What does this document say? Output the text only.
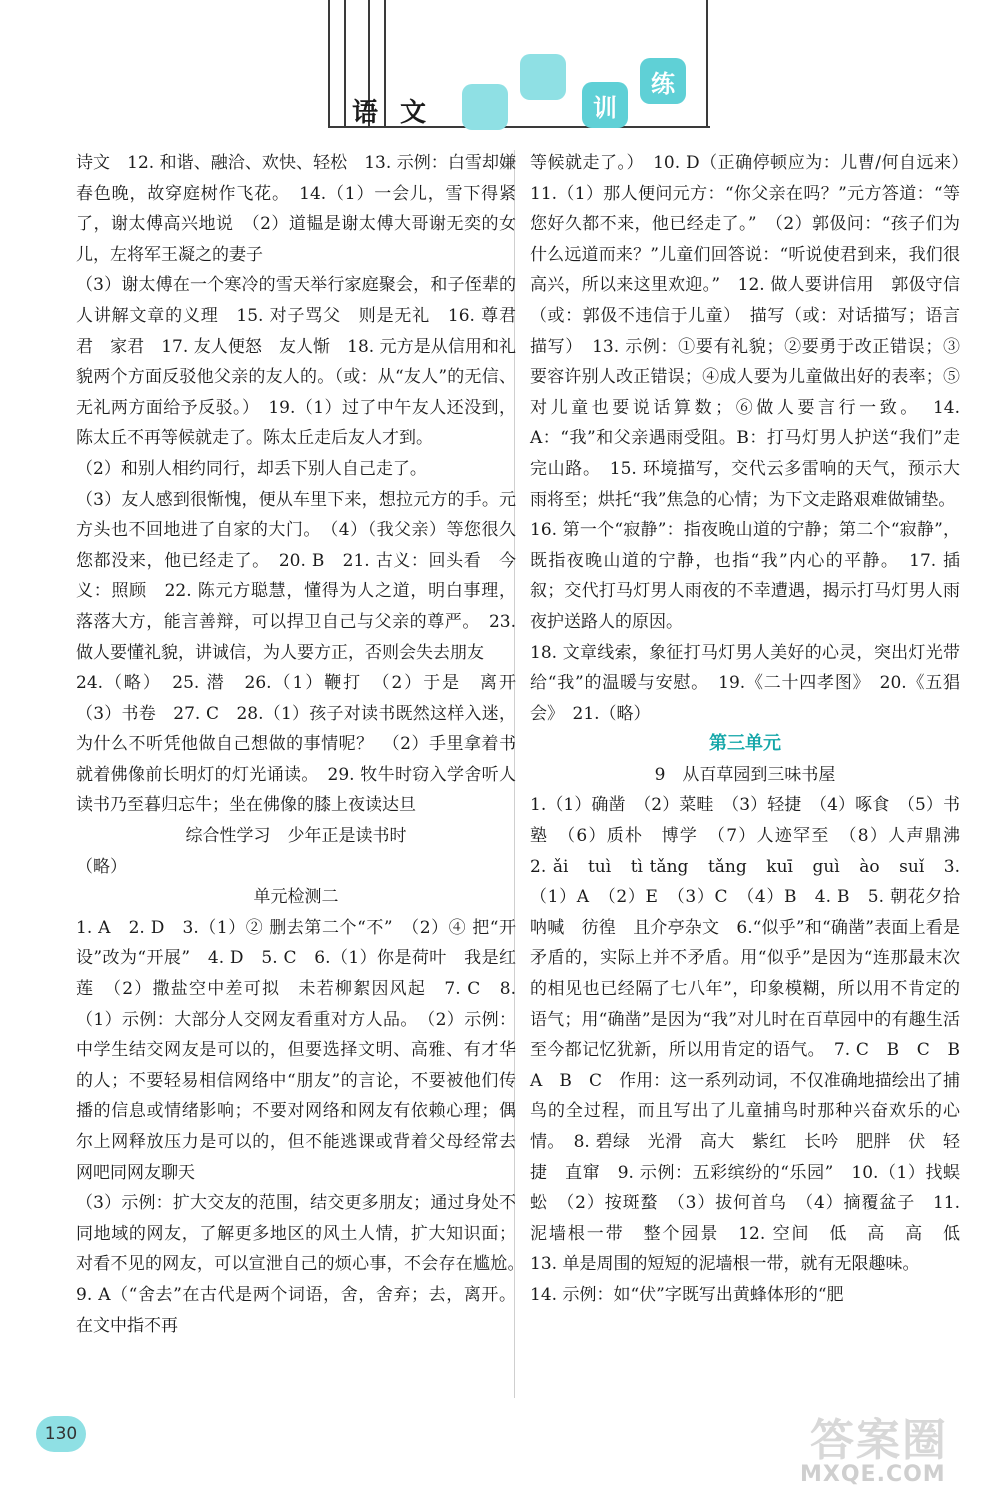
语 文	训
练

诗文　12. 和谐、融洽、欢快、轻松　13. 示例：白雪却嫌春色晚，故穿庭树作飞花。　14.（1）一会儿，雪下得紧了，谢太傅高兴地说　（2）道韫是谢太傅大哥谢无奕的女儿，左将军王凝之的妻子

（3）谢太傅在一个寒冷的雪天举行家庭聚会，和子侄辈的人讲解文章的义理　15. 对子骂父　则是无礼　16. 尊君　君　家君　17. 友人便怒　友人惭　18. 元方是从信用和礼貌两个方面反驳他父亲的友人的。（或：从“友人”的无信、无礼两方面给予反驳。）　19.（1）过了中午友人还没到，陈太丘不再等候就走了。陈太丘走后友人才到。

（2）和别人相约同行，却丢下别人自己走了。

（3）友人感到很惭愧，便从车里下来，想拉元方的手。元方头也不回地进了自家的大门。　（4）（我父亲）等您很久您都没来，他已经走了。　20. B　21. 古义：回头看　今义：照顾　22. 陈元方聪慧，懂得为人之道，明白事理，落落大方，能言善辩，可以捍卫自己与父亲的尊严。　23. 做人要懂礼貌，讲诚信，为人要方正，否则会失去朋友

24.（略）　25. 潜　26.（1）鞭打　（2）于是　离开　（3）书卷　27. C　28.（1）孩子对读书既然这样入迷，为什么不听凭他做自己想做的事情呢？　（2）手里拿着书就着佛像前长明灯的灯光诵读。　29. 牧牛时窃入学舍听人读书乃至暮归忘牛；坐在佛像的膝上夜读达旦

综合性学习　少年正是读书时

（略）

单元检测二

1. A　2. D　3.（1）② 删去第二个“不”　（2）④ 把“开设”改为“开展”　4. D　5. C　6.（1）你是荷叶　我是红莲　（2）撒盐空中差可拟　未若柳絮因风起　7. C　8.（1）示例：大部分人交网友看重对方人品。　（2）示例：中学生结交网友是可以的，但要选择文明、高雅、有才华的人；不要轻易相信网络中“朋友”的言论，不要被他们传播的信息或情绪影响；不要对网络和网友有依赖心理；偶尔上网释放压力是可以的，但不能逃课或背着父母经常去网吧同网友聊天

（3）示例：扩大交友的范围，结交更多朋友；通过身处不同地域的网友，了解更多地区的风土人情，扩大知识面；对看不见的网友，可以宣泄自己的烦心事，不会存在尴尬。　9. A（“舍去”在古代是两个词语，舍，舍弃；去，离开。在文中指不再

等候就走了。）　10. D（正确停顿应为：儿曹/何自远来）　11.（1）那人便问元方：“你父亲在吗？”元方答道：“等您好久都不来，他已经走了。”　（2）郭伋问：“孩子们为什么远道而来？”儿童们回答说：“听说使君到来，我们很高兴，所以来这里欢迎。”　12. 做人要讲信用　郭伋守信（或：郭伋不违信于儿童）　描写（或：对话描写；语言描写）　13. 示例：①要有礼貌；②要勇于改正错误；③要容许别人改正错误；④成人要为儿童做出好的表率；⑤对儿童也要说话算数；⑥做人要言行一致。　14. A：“我”和父亲遇雨受阻。B：打马灯男人护送“我们”走完山路。　15. 环境描写，交代云多雷响的天气，预示大雨将至；烘托“我”焦急的心情；为下文走路艰难做铺垫。

16. 第一个“寂静”：指夜晚山道的宁静；第二个“寂静”，既指夜晚山道的宁静，也指“我”内心的平静。　17. 插叙；交代打马灯男人雨夜的不幸遭遇，揭示打马灯男人雨夜护送路人的原因。

18. 文章线索，象征打马灯男人美好的心灵，突出灯光带给“我”的温暖与安慰。　19.《二十四孝图》　20.《五猖会》　21.（略）

第三单元

9　从百草园到三味书屋

1.（1）确凿　（2）菜畦　（3）轻捷　（4）啄食　（5）书塾　（6）质朴　博学　（7）人迹罕至　（8）人声鼎沸　2. ǎi　tuì　tì tǎng　tǎng　kuī　guì　ào　suǐ　3.（1）A　（2）E　（3）C　（4）B　4. B　5. 朝花夕拾　呐喊　彷徨　且介亭杂文　6.“似乎”和“确凿”表面上看是矛盾的，实际上并不矛盾。用“似乎”是因为“连那最末次的相见也已经隔了七八年”，印象模糊，所以用不肯定的语气；用“确凿”是因为“我”对儿时在百草园中的有趣生活至今都记忆犹新，所以用肯定的语气。　7. C　B　C　B　A　B　C　作用：这一系列动词，不仅准确地描绘出了捕鸟的全过程，而且写出了儿童捕鸟时那种兴奋欢乐的心情。　8. 碧绿　光滑　高大　紫红　长吟　肥胖　伏　轻捷　直窜　9. 示例：五彩缤纷的“乐园”　10.（1）找蜈蚣　（2）按斑蝥　（3）拔何首乌　（4）摘覆盆子　11. 泥墙根一带　整个园景　12. 空间　低　高　高　低　13. 单是周围的短短的泥墙根一带，就有无限趣味。

14. 示例：如“伏”字既写出黄蜂体形的“肥

130	答案圈
MXQE.COM
